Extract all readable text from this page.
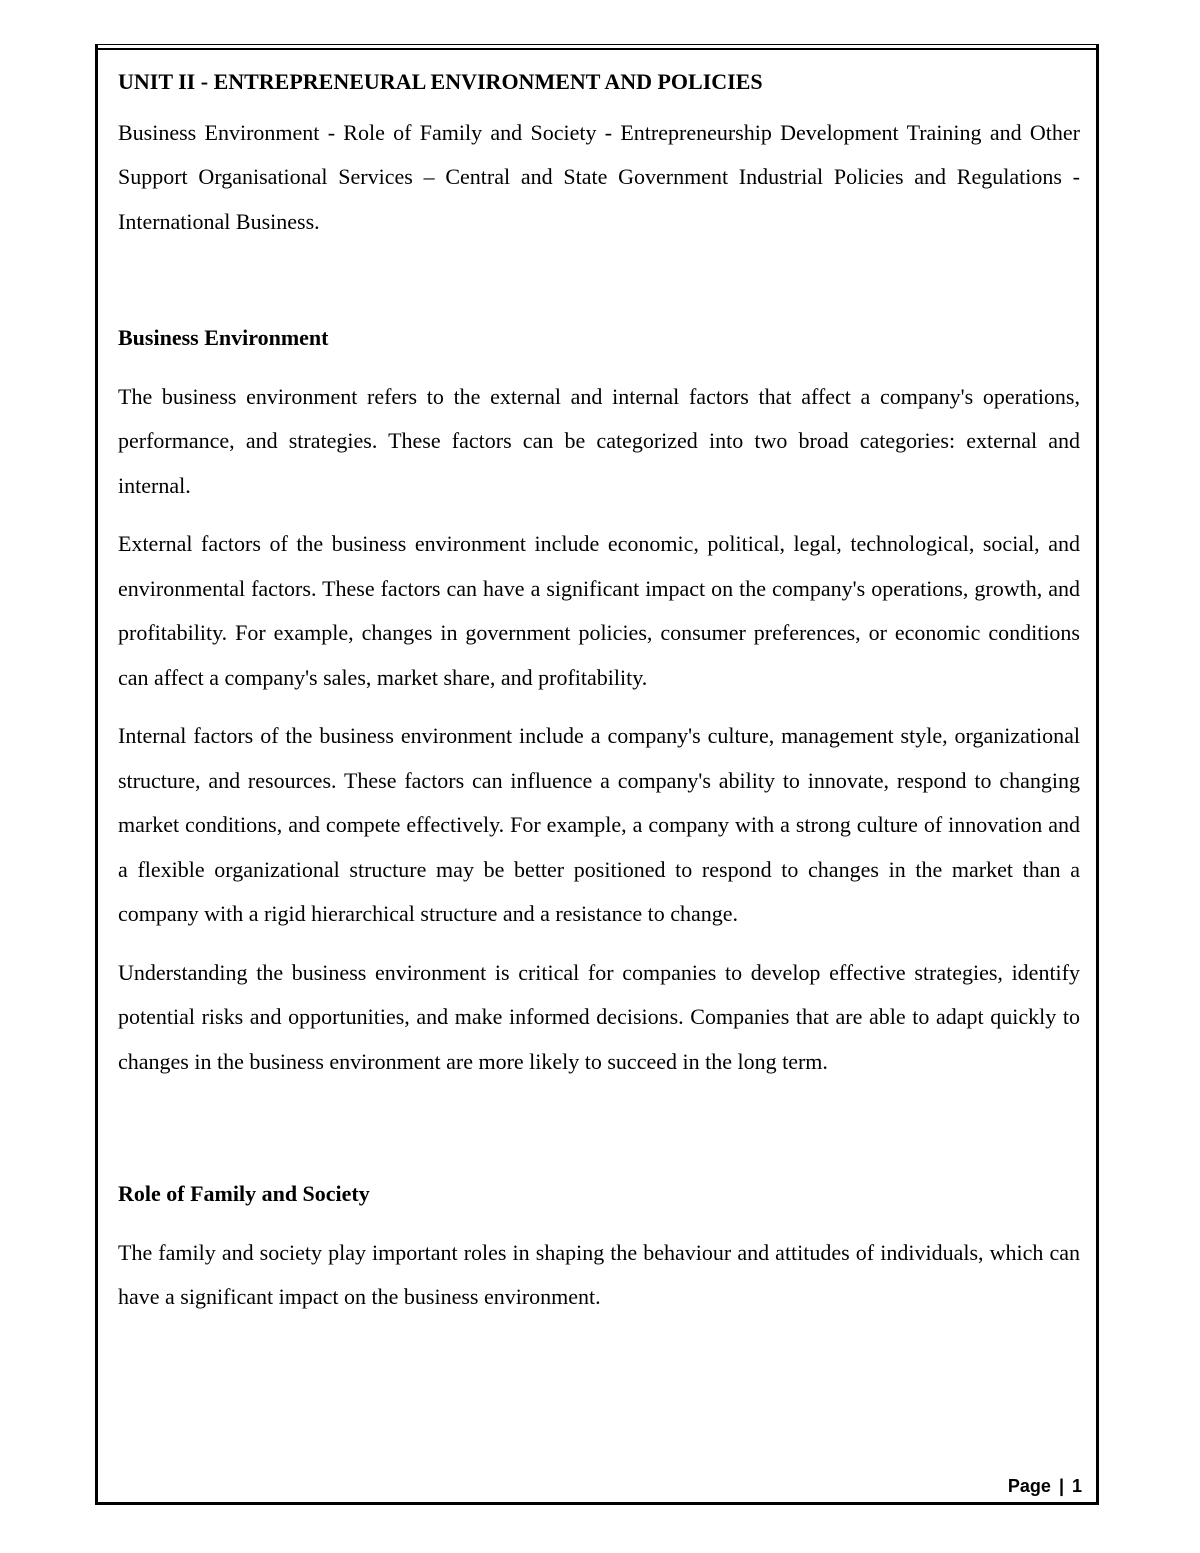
UNIT II - ENTREPRENEURAL ENVIRONMENT AND POLICIES

Business Environment - Role of Family and Society - Entrepreneurship Development Training and Other Support Organisational Services – Central and State Government Industrial Policies and Regulations - International Business.

Business Environment

The business environment refers to the external and internal factors that affect a company's operations, performance, and strategies. These factors can be categorized into two broad categories: external and internal.

External factors of the business environment include economic, political, legal, technological, social, and environmental factors. These factors can have a significant impact on the company's operations, growth, and profitability. For example, changes in government policies, consumer preferences, or economic conditions can affect a company's sales, market share, and profitability.

Internal factors of the business environment include a company's culture, management style, organizational structure, and resources. These factors can influence a company's ability to innovate, respond to changing market conditions, and compete effectively. For example, a company with a strong culture of innovation and a flexible organizational structure may be better positioned to respond to changes in the market than a company with a rigid hierarchical structure and a resistance to change.

Understanding the business environment is critical for companies to develop effective strategies, identify potential risks and opportunities, and make informed decisions. Companies that are able to adapt quickly to changes in the business environment are more likely to succeed in the long term.

Role of Family and Society

The family and society play important roles in shaping the behaviour and attitudes of individuals, which can have a significant impact on the business environment.

Page | 1
